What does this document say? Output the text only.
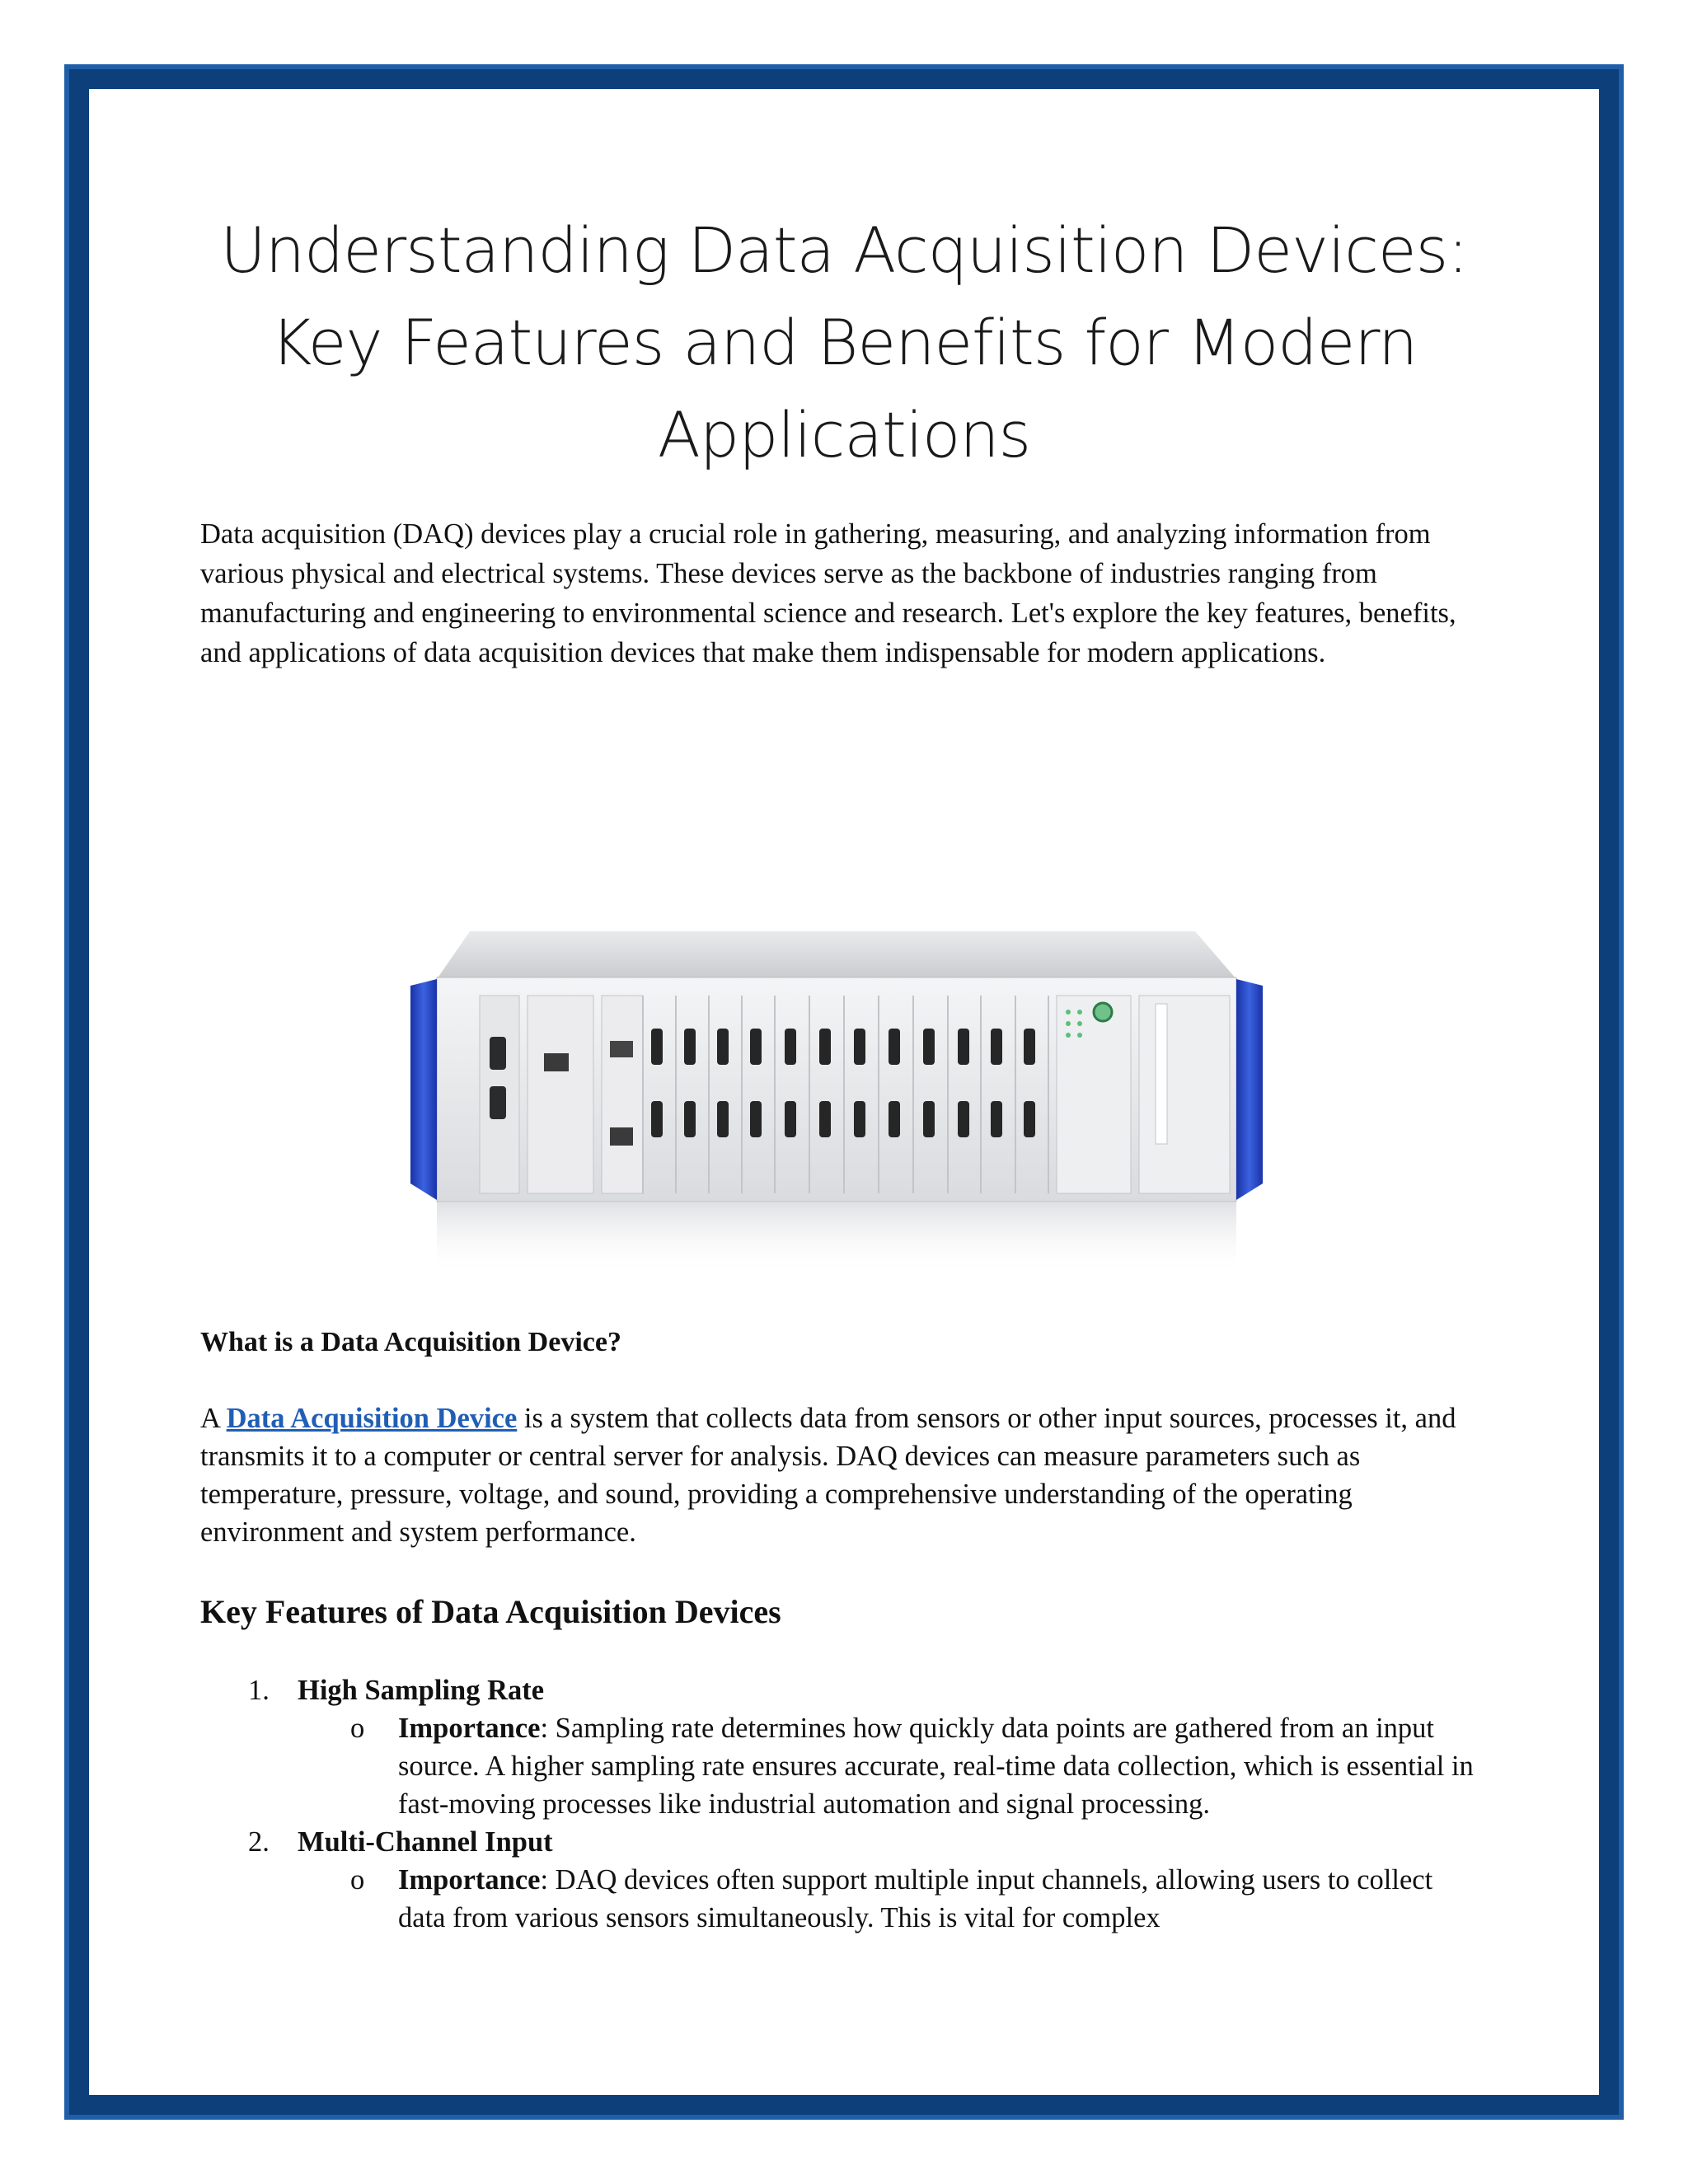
Understanding Data Acquisition Devices:
Key Features and Benefits for Modern
Applications
Data acquisition (DAQ) devices play a crucial role in gathering, measuring, and analyzing information from various physical and electrical systems. These devices serve as the backbone of industries ranging from manufacturing and engineering to environmental science and research. Let's explore the key features, benefits, and applications of data acquisition devices that make them indispensable for modern applications.
What is a Data Acquisition Device?
A Data Acquisition Device is a system that collects data from sensors or other input sources, processes it, and transmits it to a computer or central server for analysis. DAQ devices can measure parameters such as temperature, pressure, voltage, and sound, providing a comprehensive understanding of the operating environment and system performance.
Key Features of Data Acquisition Devices
1. High Sampling Rate
o Importance: Sampling rate determines how quickly data points are gathered from an input source. A higher sampling rate ensures accurate, real-time data collection, which is essential in fast-moving processes like industrial automation and signal processing.
2. Multi-Channel Input
o Importance: DAQ devices often support multiple input channels, allowing users to collect data from various sensors simultaneously. This is vital for complex
